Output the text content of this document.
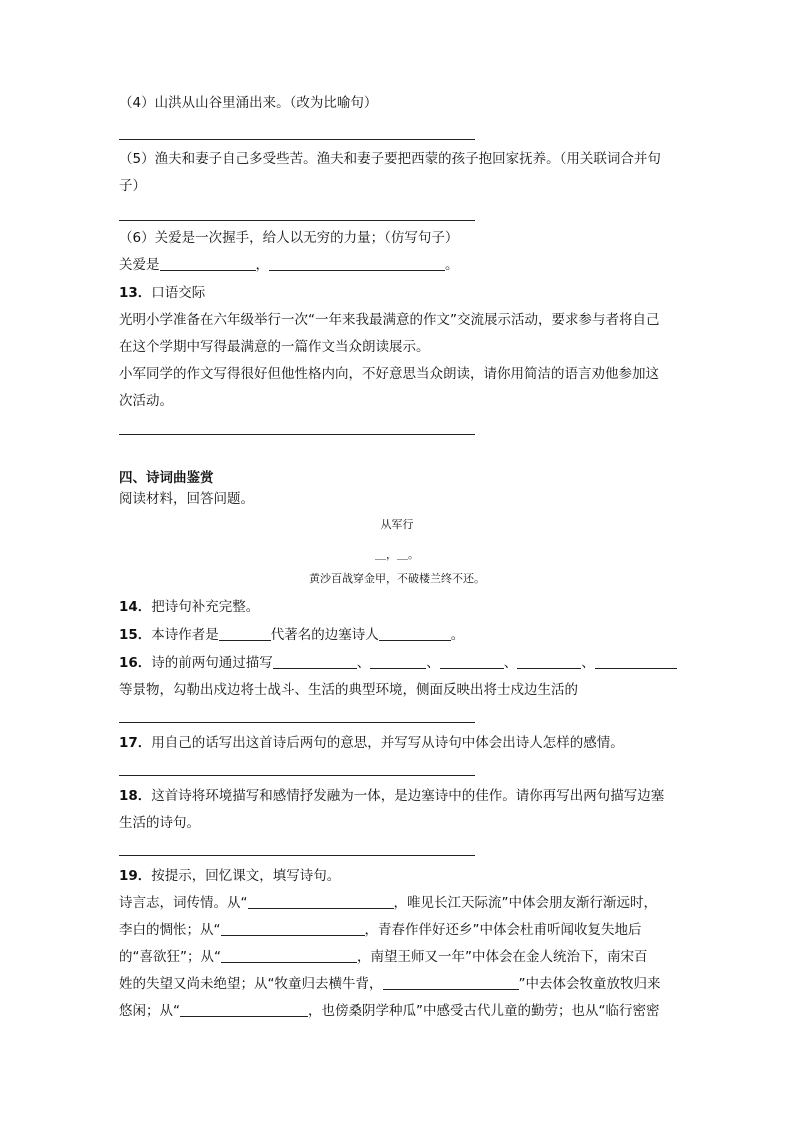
（4）山洪从山谷里涌出来。（改为比喻句）
（5）渔夫和妻子自己多受些苦。渔夫和妻子要把西蒙的孩子抱回家抚养。（用关联词合并句
子）
（6）关爱是一次握手，给人以无穷的力量；（仿写句子）
关爱是	，	。
13．口语交际
光明小学准备在六年级举行一次“一年来我最满意的作文”交流展示活动，要求参与者将自己
在这个学期中写得最满意的一篇作文当众朗读展示。
小军同学的作文写得很好但他性格内向，不好意思当众朗读，请你用简洁的语言劝他参加这
次活动。
四、诗词曲鉴赏
阅读材料，回答问题。
从军行
＿，＿。
黄沙百战穿金甲，不破楼兰终不还。
14．把诗句补充完整。
15．本诗作者是	代著名的边塞诗人	。
16．诗的前两句通过描写	、	、	、	、
等景物，勾勒出戍边将士战斗、生活的典型环境，侧面反映出将士戍边生活的
17．用自己的话写出这首诗后两句的意思，并写写从诗句中体会出诗人怎样的感情。
18．这首诗将环境描写和感情抒发融为一体，是边塞诗中的佳作。请你再写出两句描写边塞
生活的诗句。
19．按提示，回忆课文，填写诗句。
诗言志，词传情。从“	，唯见长江天际流”中体会朋友渐行渐远时，
李白的惆怅；从“	，青春作伴好还乡”中体会杜甫听闻收复失地后
的“喜欲狂”；从“	，南望王师又一年”中体会在金人统治下，南宋百
姓的失望又尚未绝望；从“牧童归去横牛背，	”中去体会牧童放牧归来
悠闲；从“	，也傍桑阴学种瓜”中感受古代儿童的勤劳；也从“临行密密
